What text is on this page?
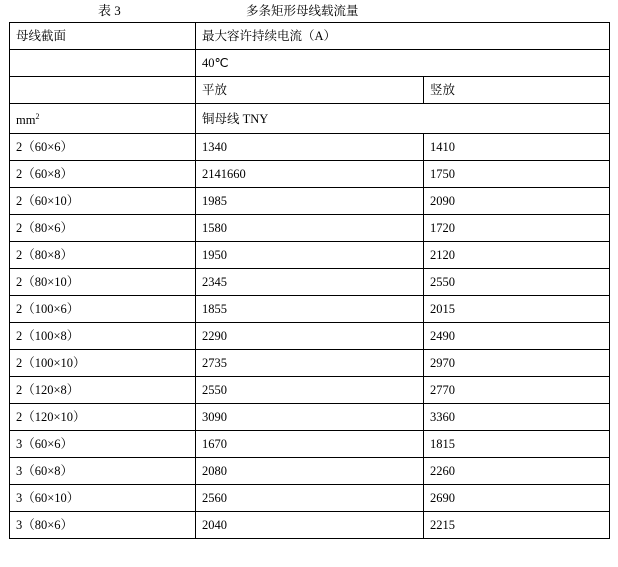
表 3	多条矩形母线载流量
母线截面	最大容许持续电流（A）	
	40℃	
	平放	竖放
$mm^2$	铜母线 TNY	
2（60×6）	1340	1410
2（60×8）	2141660	1750
2（60×10）	1985	2090
2（80×6）	1580	1720
2（80×8）	1950	2120
2（80×10）	2345	2550
2（100×6）	1855	2015
2（100×8）	2290	2490
2（100×10）	2735	2970
2（120×8）	2550	2770
2（120×10）	3090	3360
3（60×6）	1670	1815
3（60×8）	2080	2260
3（60×10）	2560	2690
3（80×6）	2040	2215
